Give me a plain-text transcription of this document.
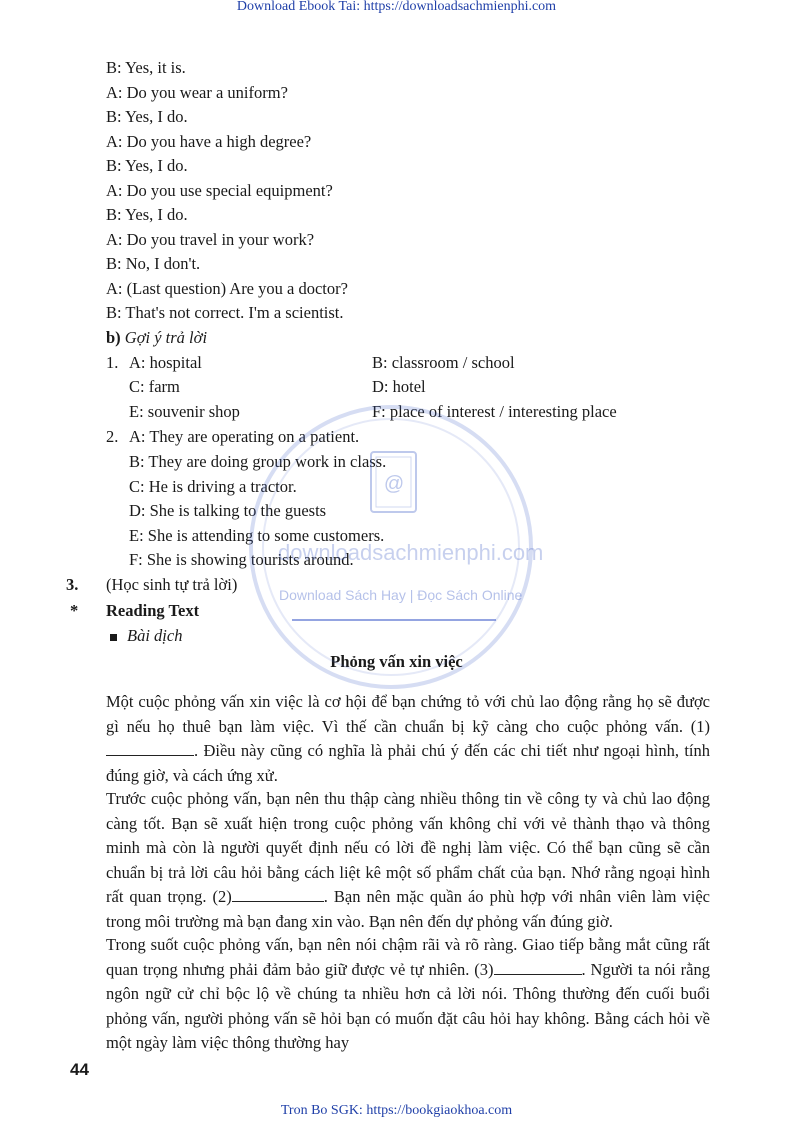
Download Ebook Tai: https://downloadsachmienphi.com
B: Yes, it is.
A: Do you wear a uniform?
B: Yes, I do.
A: Do you have a high degree?
B: Yes, I do.
A: Do you use special equipment?
B: Yes, I do.
A: Do you travel in your work?
B: No, I don't.
A: (Last question) Are you a doctor?
B: That's not correct. I'm a scientist.
b) Gợi ý trả lời
1. A: hospital	B: classroom / school
C: farm	D: hotel
E: souvenir shop	F: place of interest / interesting place
2. A: They are operating on a patient.
B: They are doing group work in class.
C: He is driving a tractor.
D: She is talking to the guests
E: She is attending to some customers.
F: She is showing tourists around.
3. (Học sinh tự trả lời)
* Reading Text
Bài dịch
Phỏng vấn xin việc
Một cuộc phỏng vấn xin việc là cơ hội để bạn chứng tỏ với chủ lao động rằng họ sẽ được gì nếu họ thuê bạn làm việc. Vì thế cần chuẩn bị kỹ càng cho cuộc phỏng vấn. (1). Điều này cũng có nghĩa là phải chú ý đến các chi tiết như ngoại hình, tính đúng giờ, và cách ứng xử.
Trước cuộc phỏng vấn, bạn nên thu thập càng nhiều thông tin về công ty và chủ lao động càng tốt. Bạn sẽ xuất hiện trong cuộc phỏng vấn không chỉ với vẻ thành thạo và thông minh mà còn là người quyết định nếu có lời đề nghị làm việc. Có thể bạn cũng sẽ cần chuẩn bị trả lời câu hỏi bằng cách liệt kê một số phẩm chất của bạn. Nhớ rằng ngoại hình rất quan trọng. (2)	. Bạn nên mặc quần áo phù hợp với nhân viên làm việc trong môi trường mà bạn đang xin vào. Bạn nên đến dự phỏng vấn đúng giờ.
Trong suốt cuộc phỏng vấn, bạn nên nói chậm rãi và rõ ràng. Giao tiếp bằng mắt cũng rất quan trọng nhưng phải đảm bảo giữ được vẻ tự nhiên. (3)	. Người ta nói rằng ngôn ngữ cử chỉ bộc lộ về chúng ta nhiều hơn cả lời nói. Thông thường đến cuối buổi phỏng vấn, người phỏng vấn sẽ hỏi bạn có muốn đặt câu hỏi hay không. Bằng cách hỏi về một ngày làm việc thông thường hay
@
downloadsachmienphi.com
Download Sách Hay | Đọc Sách Online
44
Tron Bo SGK: https://bookgiaokhoa.com
